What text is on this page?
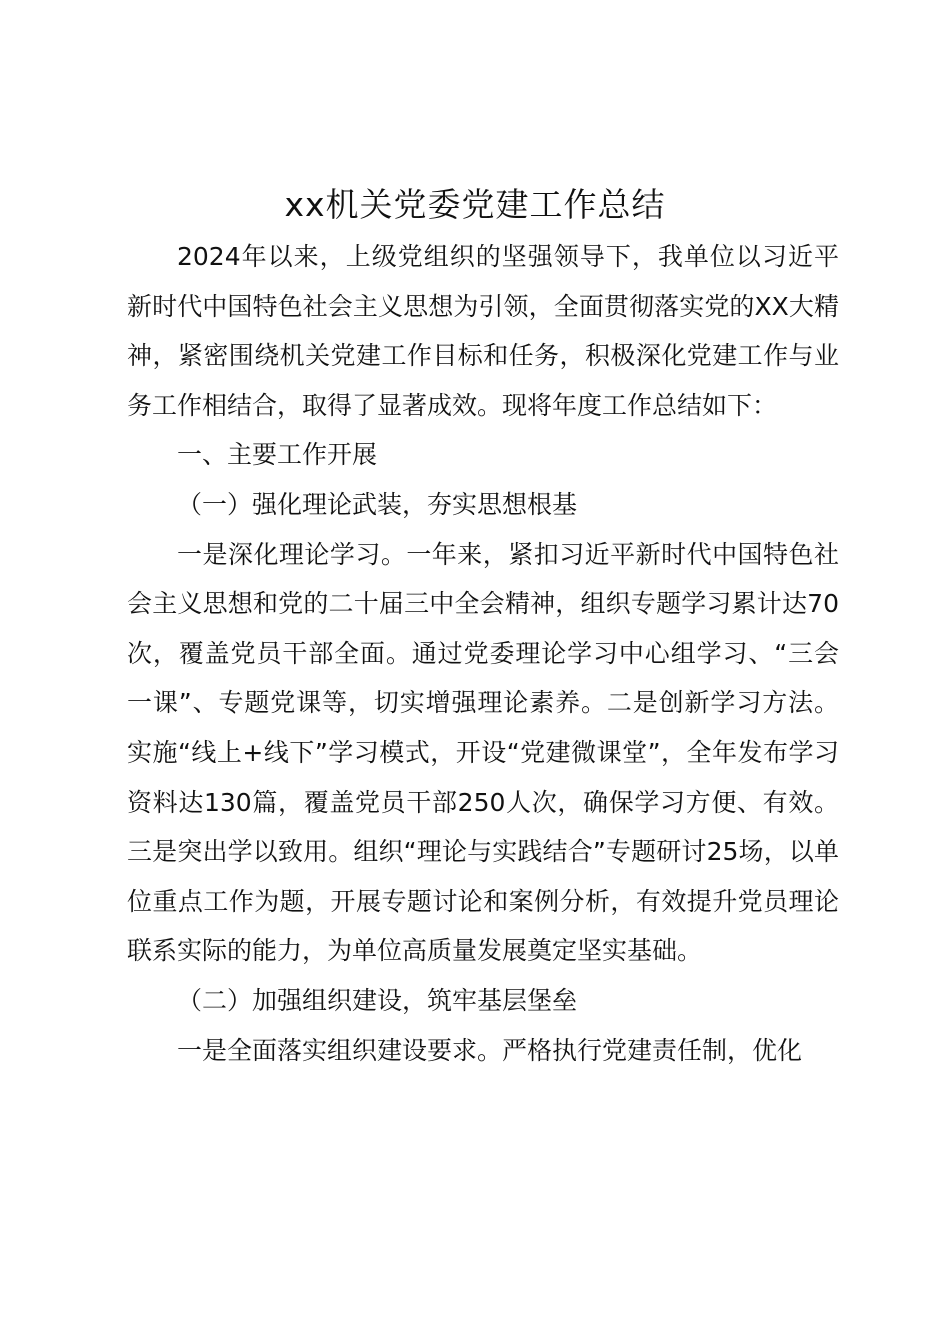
xx机关党委党建工作总结

2024年以来，上级党组织的坚强领导下，我单位以习近平新时代中国特色社会主义思想为引领，全面贯彻落实党的XX大精神，紧密围绕机关党建工作目标和任务，积极深化党建工作与业务工作相结合，取得了显著成效。现将年度工作总结如下：

一、主要工作开展

（一）强化理论武装，夯实思想根基

一是深化理论学习。一年来，紧扣习近平新时代中国特色社会主义思想和党的二十届三中全会精神，组织专题学习累计达70次，覆盖党员干部全面。通过党委理论学习中心组学习、“三会一课”、专题党课等，切实增强理论素养。二是创新学习方法。实施“线上+线下”学习模式，开设“党建微课堂”，全年发布学习资料达130篇，覆盖党员干部250人次，确保学习方便、有效。三是突出学以致用。组织“理论与实践结合”专题研讨25场，以单位重点工作为题，开展专题讨论和案例分析，有效提升党员理论联系实际的能力，为单位高质量发展奠定坚实基础。

（二）加强组织建设，筑牢基层堡垒

一是全面落实组织建设要求。严格执行党建责任制，优化
